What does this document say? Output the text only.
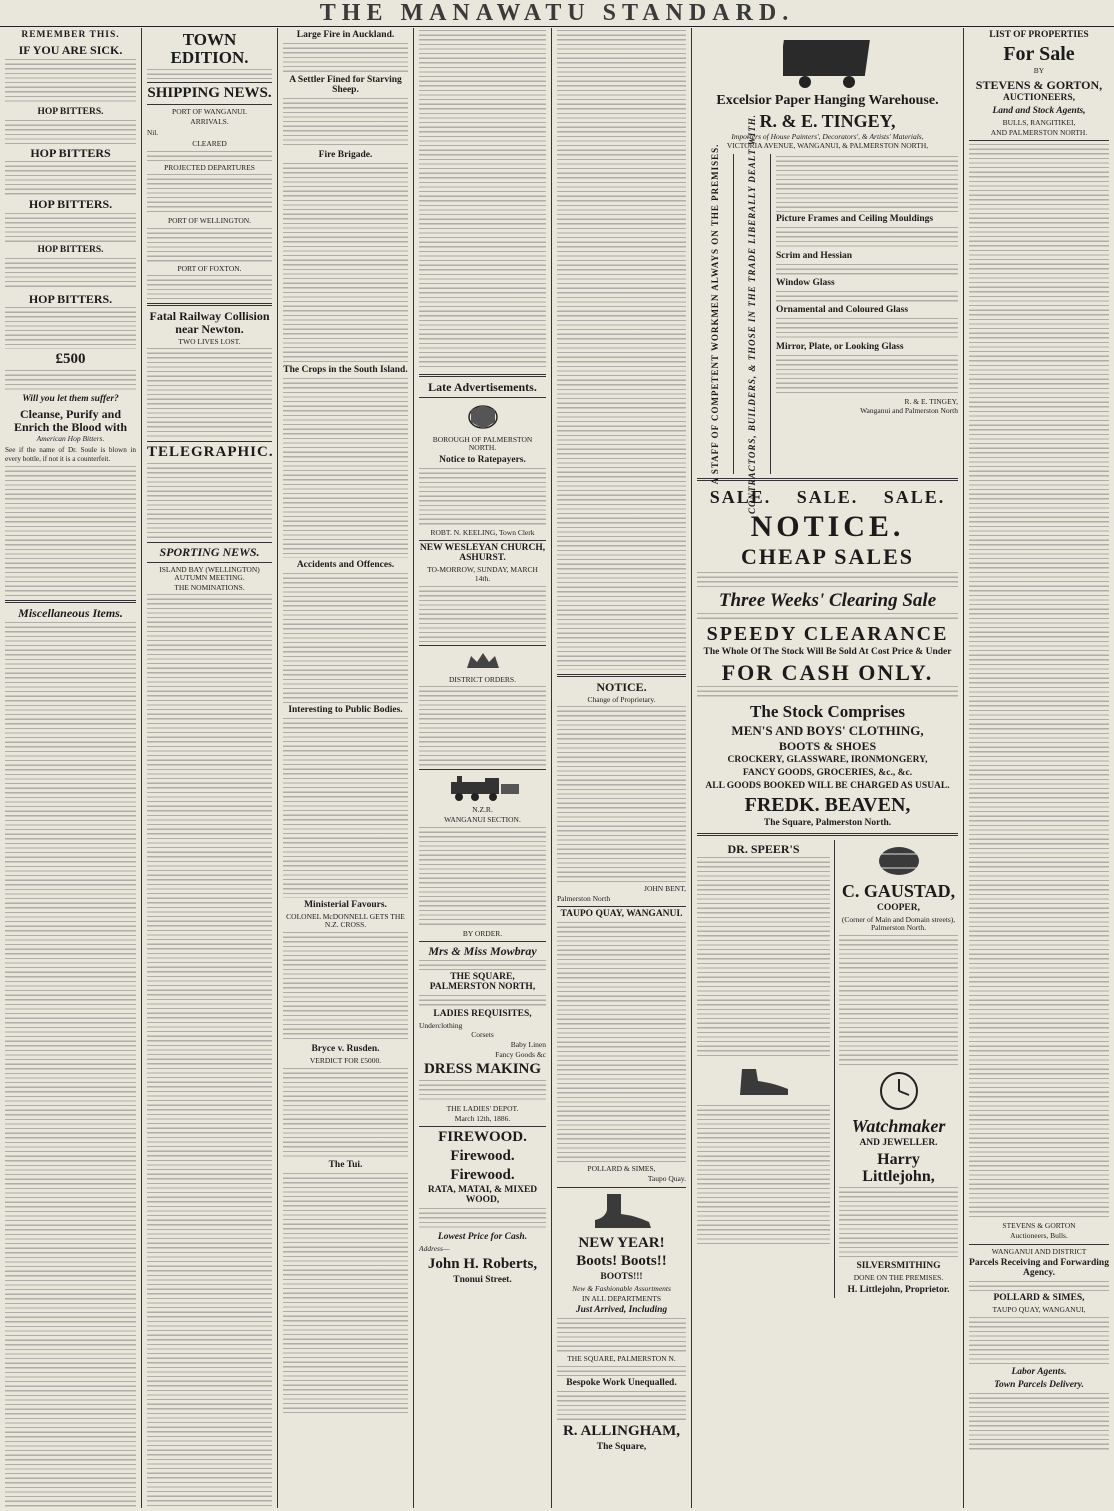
THE MANAWATU STANDARD.
REMEMBER THIS.
IF YOU ARE SICK.
HOP BITTERS.
HOP BITTERS
HOP BITTERS.
HOP BITTERS.
HOP BITTERS.
£500
Will you let them suffer?
Cleanse, Purify and Enrich the Blood with
American Hop Bitters.
See if the name of Dr. Soule is blown in every bottle, if not it is a counterfeit.
Miscellaneous Items.
TOWN EDITION.
SHIPPING NEWS.
PORT OF WANGANUI.
ARRIVALS.
Nil.
CLEARED
PROJECTED DEPARTURES
PORT OF WELLINGTON.
PORT OF FOXTON.
Fatal Railway Collision near Newton.
TWO LIVES LOST.
TELEGRAPHIC.
SPORTING NEWS.
ISLAND BAY (WELLINGTON) AUTUMN MEETING.
THE NOMINATIONS.
Large Fire in Auckland.
A Settler Fined for Starving Sheep.
Fire Brigade.
The Crops in the South Island.
Accidents and Offences.
Interesting to Public Bodies.
Ministerial Favours.
COLONEL McDONNELL GETS THE N.Z. CROSS.
Bryce v. Rusden.
VERDICT FOR £5000.
The Tui.
Late Advertisements.
BOROUGH OF PALMERSTON NORTH.
Notice to Ratepayers.
ROBT. N. KEELING, Town Clerk
NEW WESLEYAN CHURCH, ASHURST.
TO-MORROW, SUNDAY, MARCH 14th.
DISTRICT ORDERS.
N.Z.R.
WANGANUI SECTION.
BY ORDER.
Mrs & Miss Mowbray
THE SQUARE, PALMERSTON NORTH,
LADIES REQUISITES,
Underclothing
Corsets
Baby Linen
Fancy Goods &c
DRESS MAKING
THE LADIES' DEPOT.
March 12th, 1886.
FIREWOOD.
Firewood.
Firewood.
RATA, MATAI, & MIXED WOOD,
Lowest Price for Cash.
Address—
John H. Roberts,
Tnonui Street.
NOTICE.
Change of Proprietary.
JOHN BENT,
Palmerston North
TAUPO QUAY, WANGANUI.
POLLARD & SIMES,
Taupo Quay.
NEW YEAR!
Boots! Boots!!
BOOTS!!!
New & Fashionable Assortments
IN ALL DEPARTMENTS
Just Arrived, Including
THE SQUARE, PALMERSTON N.
Bespoke Work Unequalled.
R. ALLINGHAM,
The Square,
Excelsior Paper Hanging Warehouse.
R. & E. TINGEY,
Importers of House Painters', Decorators', & Artists' Materials,
VICTORIA AVENUE, WANGANUI, & PALMERSTON NORTH,
A STAFF OF COMPETENT WORKMEN ALWAYS ON THE PREMISES.	CONTRACTORS, BUILDERS, & THOSE IN THE TRADE LIBERALLY DEALT WITH. Picture Frames and Ceiling Mouldings
Scrim and Hessian
Window Glass
Ornamental and Coloured Glass
Mirror, Plate, or Looking Glass
R. & E. TINGEY,
Wanganui and Palmerston North
SALE. SALE. SALE.
NOTICE.
CHEAP SALES
Three Weeks' Clearing Sale
SPEEDY CLEARANCE
The Whole Of The Stock Will Be Sold At Cost Price & Under
FOR CASH ONLY.
The Stock Comprises
MEN'S AND BOYS' CLOTHING,
BOOTS & SHOES
CROCKERY, GLASSWARE, IRONMONGERY,
FANCY GOODS, GROCERIES, &c., &c.
ALL GOODS BOOKED WILL BE CHARGED AS USUAL.
FREDK. BEAVEN,
The Square, Palmerston North.
DR. SPEER'S
C. GAUSTAD,
COOPER,
(Corner of Main and Domain streets), Palmerston North.
Watchmaker
AND JEWELLER.
Harry Littlejohn,
SILVERSMITHING
DONE ON THE PREMISES.
H. Littlejohn, Proprietor.
LIST OF PROPERTIES
For Sale
BY
STEVENS & GORTON,
AUCTIONEERS,
Land and Stock Agents,
BULLS, RANGITIKEI,
AND PALMERSTON NORTH.
STEVENS & GORTON
Auctioneers, Bulls.
WANGANUI AND DISTRICT
Parcels Receiving and Forwarding Agency.
POLLARD & SIMES,
TAUPO QUAY, WANGANUI,
Labor Agents.
Town Parcels Delivery.
